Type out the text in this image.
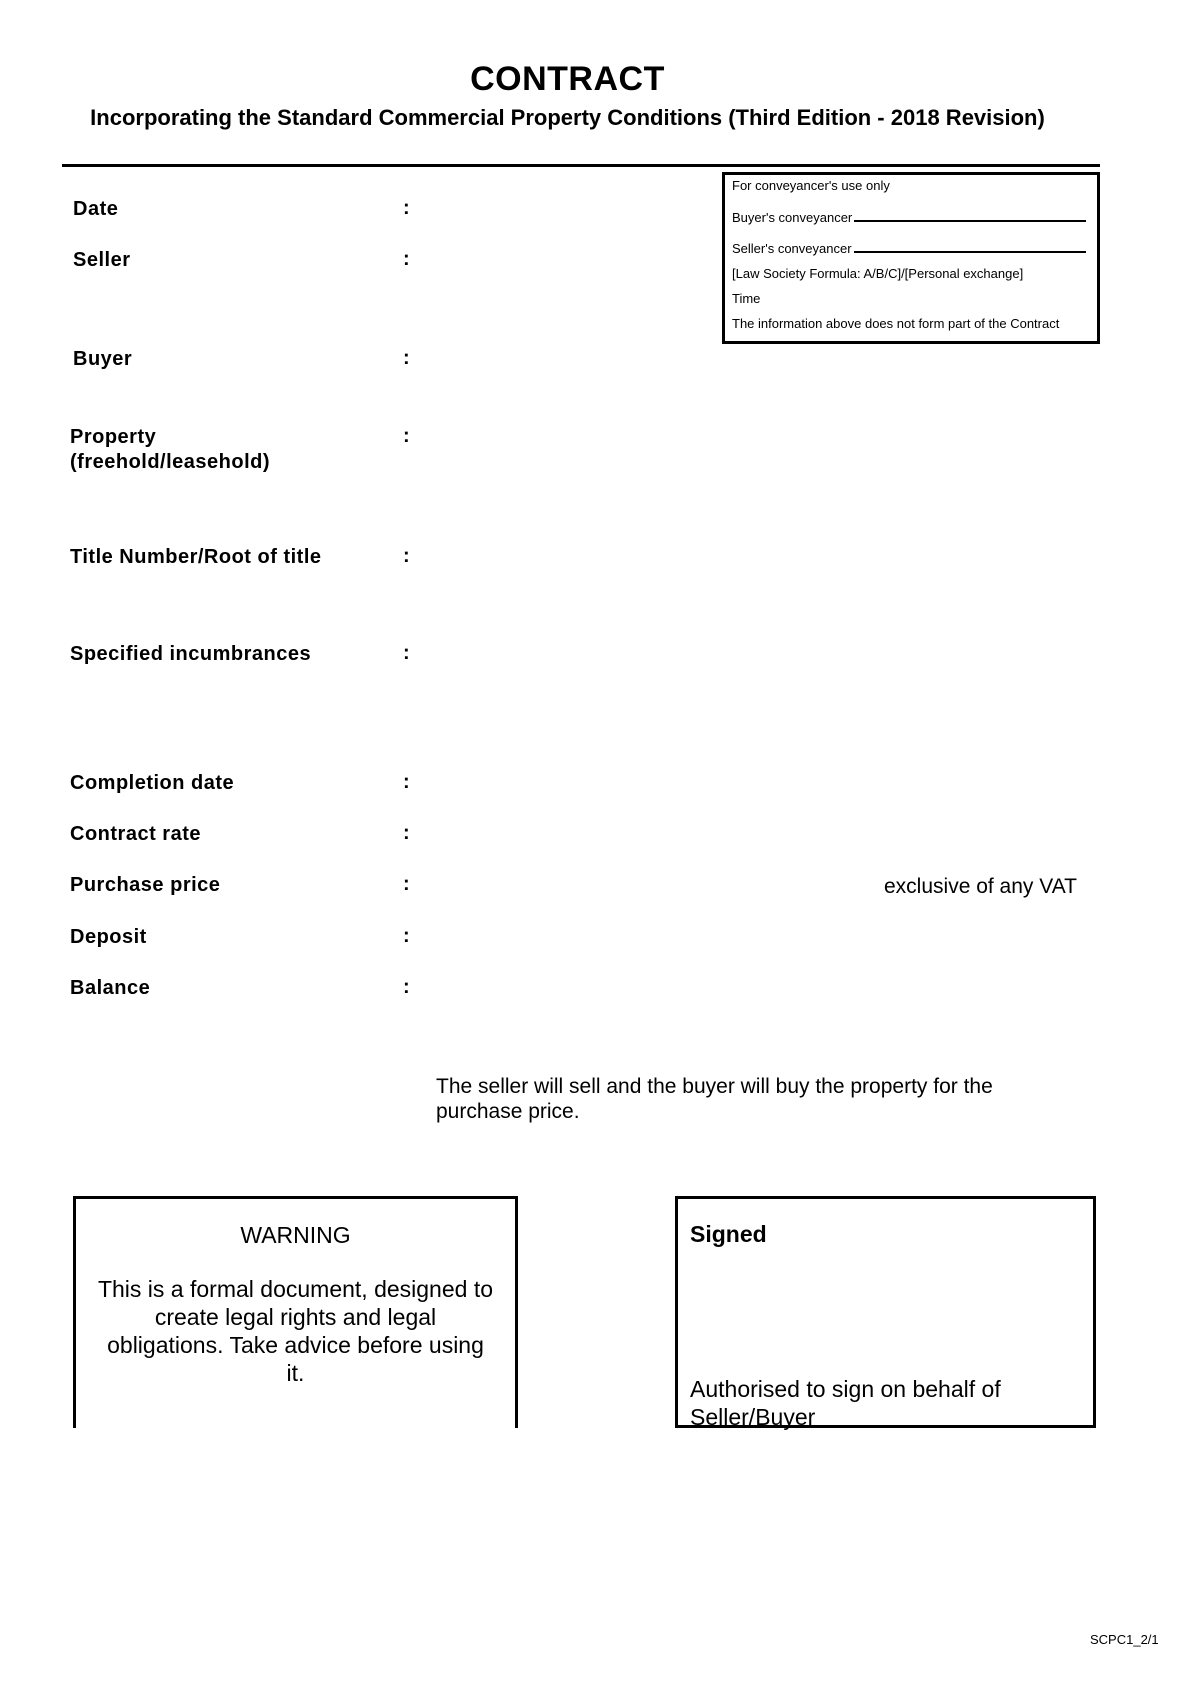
CONTRACT
Incorporating the Standard Commercial Property Conditions (Third Edition - 2018 Revision)
For conveyancer's use only
Buyer's conveyancer
Seller's conveyancer
[Law Society Formula: A/B/C]/[Personal exchange]
Time
The information above does not form part of the Contract
Date	:
Seller	:
Buyer	:
Property
(freehold/leasehold)
:
Title Number/Root of title	:
Specified incumbrances	:
Completion date	:
Contract rate	:
Purchase price	:	exclusive of any VAT
Deposit	:
Balance	:
The seller will sell and the buyer will buy the property for the purchase price.
WARNING
This is a formal document, designed to create legal rights and legal obligations. Take advice before using it.
Signed
Authorised to sign on behalf of Seller/Buyer
SCPC1_2/1
